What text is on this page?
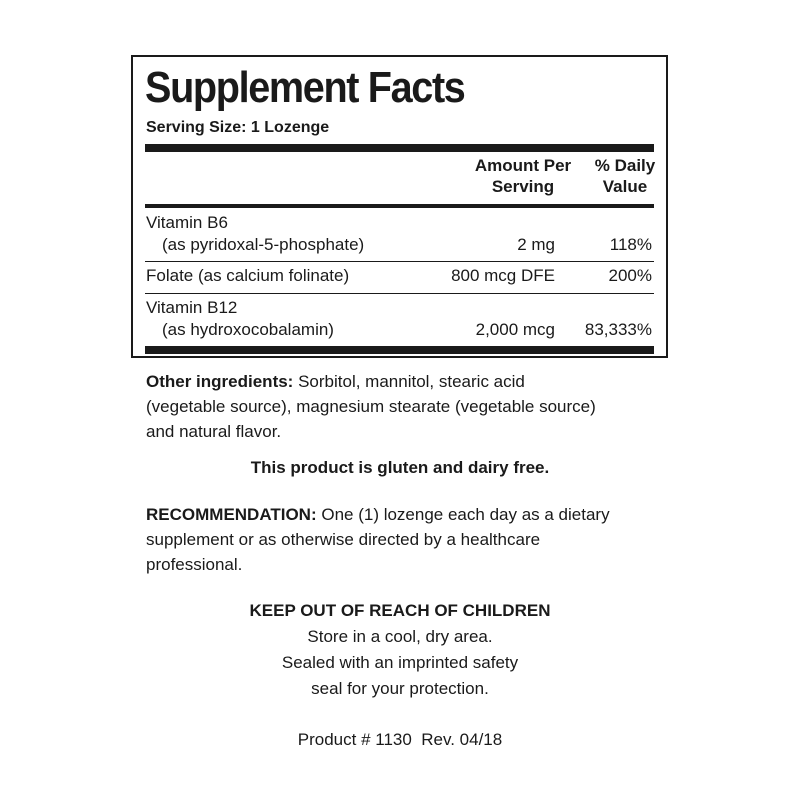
Supplement Facts
Serving Size: 1 Lozenge
Amount Per
Serving
% Daily
Value
Vitamin B6
(as pyridoxal-5-phosphate)	2 mg	118%
Folate (as calcium folinate)	800 mcg DFE	200%
Vitamin B12
(as hydroxocobalamin)	2,000 mcg 83,333%
Other ingredients: Sorbitol, mannitol, stearic acid
(vegetable source), magnesium stearate (vegetable source)
and natural flavor.
This product is gluten and dairy free.
RECOMMENDATION: One (1) lozenge each day as a dietary
supplement or as otherwise directed by a healthcare
professional.
KEEP OUT OF REACH OF CHILDREN
Store in a cool, dry area.
Sealed with an imprinted safety
seal for your protection.
Product # 1130  Rev. 04/18
